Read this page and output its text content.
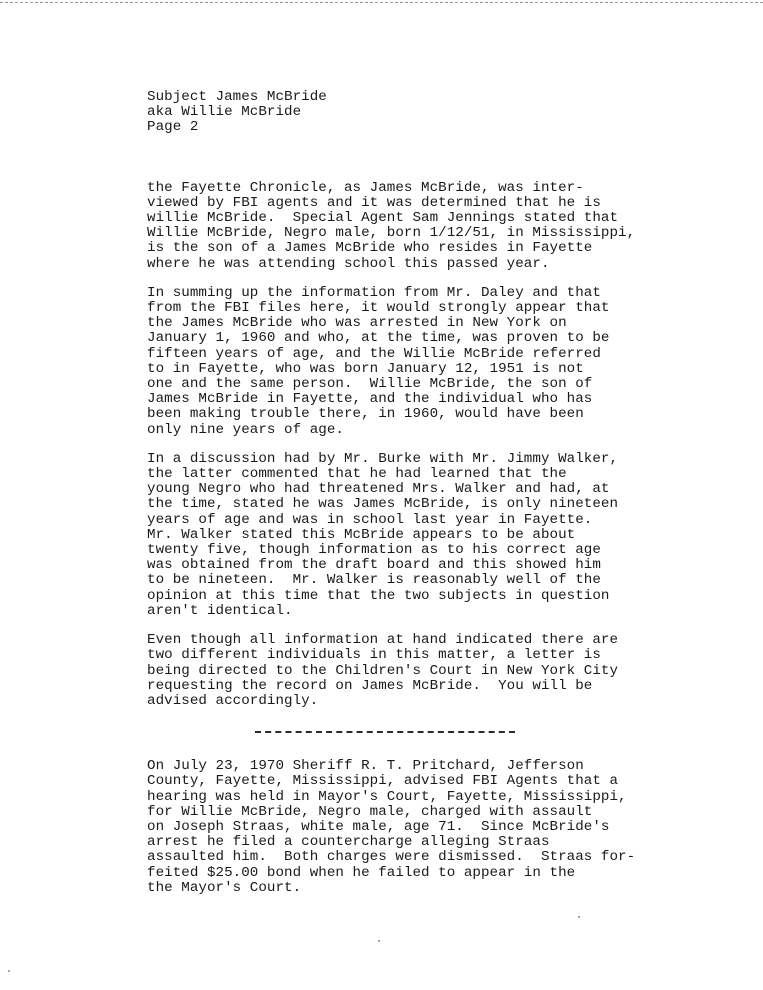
Subject James McBride
aka Willie McBride
Page 2
the Fayette Chronicle, as James McBride, was inter-
viewed by FBI agents and it was determined that he is
willie McBride.  Special Agent Sam Jennings stated that
Willie McBride, Negro male, born 1/12/51, in Mississippi,
is the son of a James McBride who resides in Fayette
where he was attending school this passed year.
In summing up the information from Mr. Daley and that
from the FBI files here, it would strongly appear that
the James McBride who was arrested in New York on
January 1, 1960 and who, at the time, was proven to be
fifteen years of age, and the Willie McBride referred
to in Fayette, who was born January 12, 1951 is not
one and the same person.  Willie McBride, the son of
James McBride in Fayette, and the individual who has
been making trouble there, in 1960, would have been
only nine years of age.
In a discussion had by Mr. Burke with Mr. Jimmy Walker,
the latter commented that he had learned that the
young Negro who had threatened Mrs. Walker and had, at
the time, stated he was James McBride, is only nineteen
years of age and was in school last year in Fayette.
Mr. Walker stated this McBride appears to be about
twenty five, though information as to his correct age
was obtained from the draft board and this showed him
to be nineteen.  Mr. Walker is reasonably well of the
opinion at this time that the two subjects in question
aren't identical.
Even though all information at hand indicated there are
two different individuals in this matter, a letter is
being directed to the Children's Court in New York City
requesting the record on James McBride.  You will be
advised accordingly.
On July 23, 1970 Sheriff R. T. Pritchard, Jefferson
County, Fayette, Mississippi, advised FBI Agents that a
hearing was held in Mayor's Court, Fayette, Mississippi,
for Willie McBride, Negro male, charged with assault
on Joseph Straas, white male, age 71.  Since McBride's
arrest he filed a countercharge alleging Straas
assaulted him.  Both charges were dismissed.  Straas for-
feited $25.00 bond when he failed to appear in the
the Mayor's Court.
